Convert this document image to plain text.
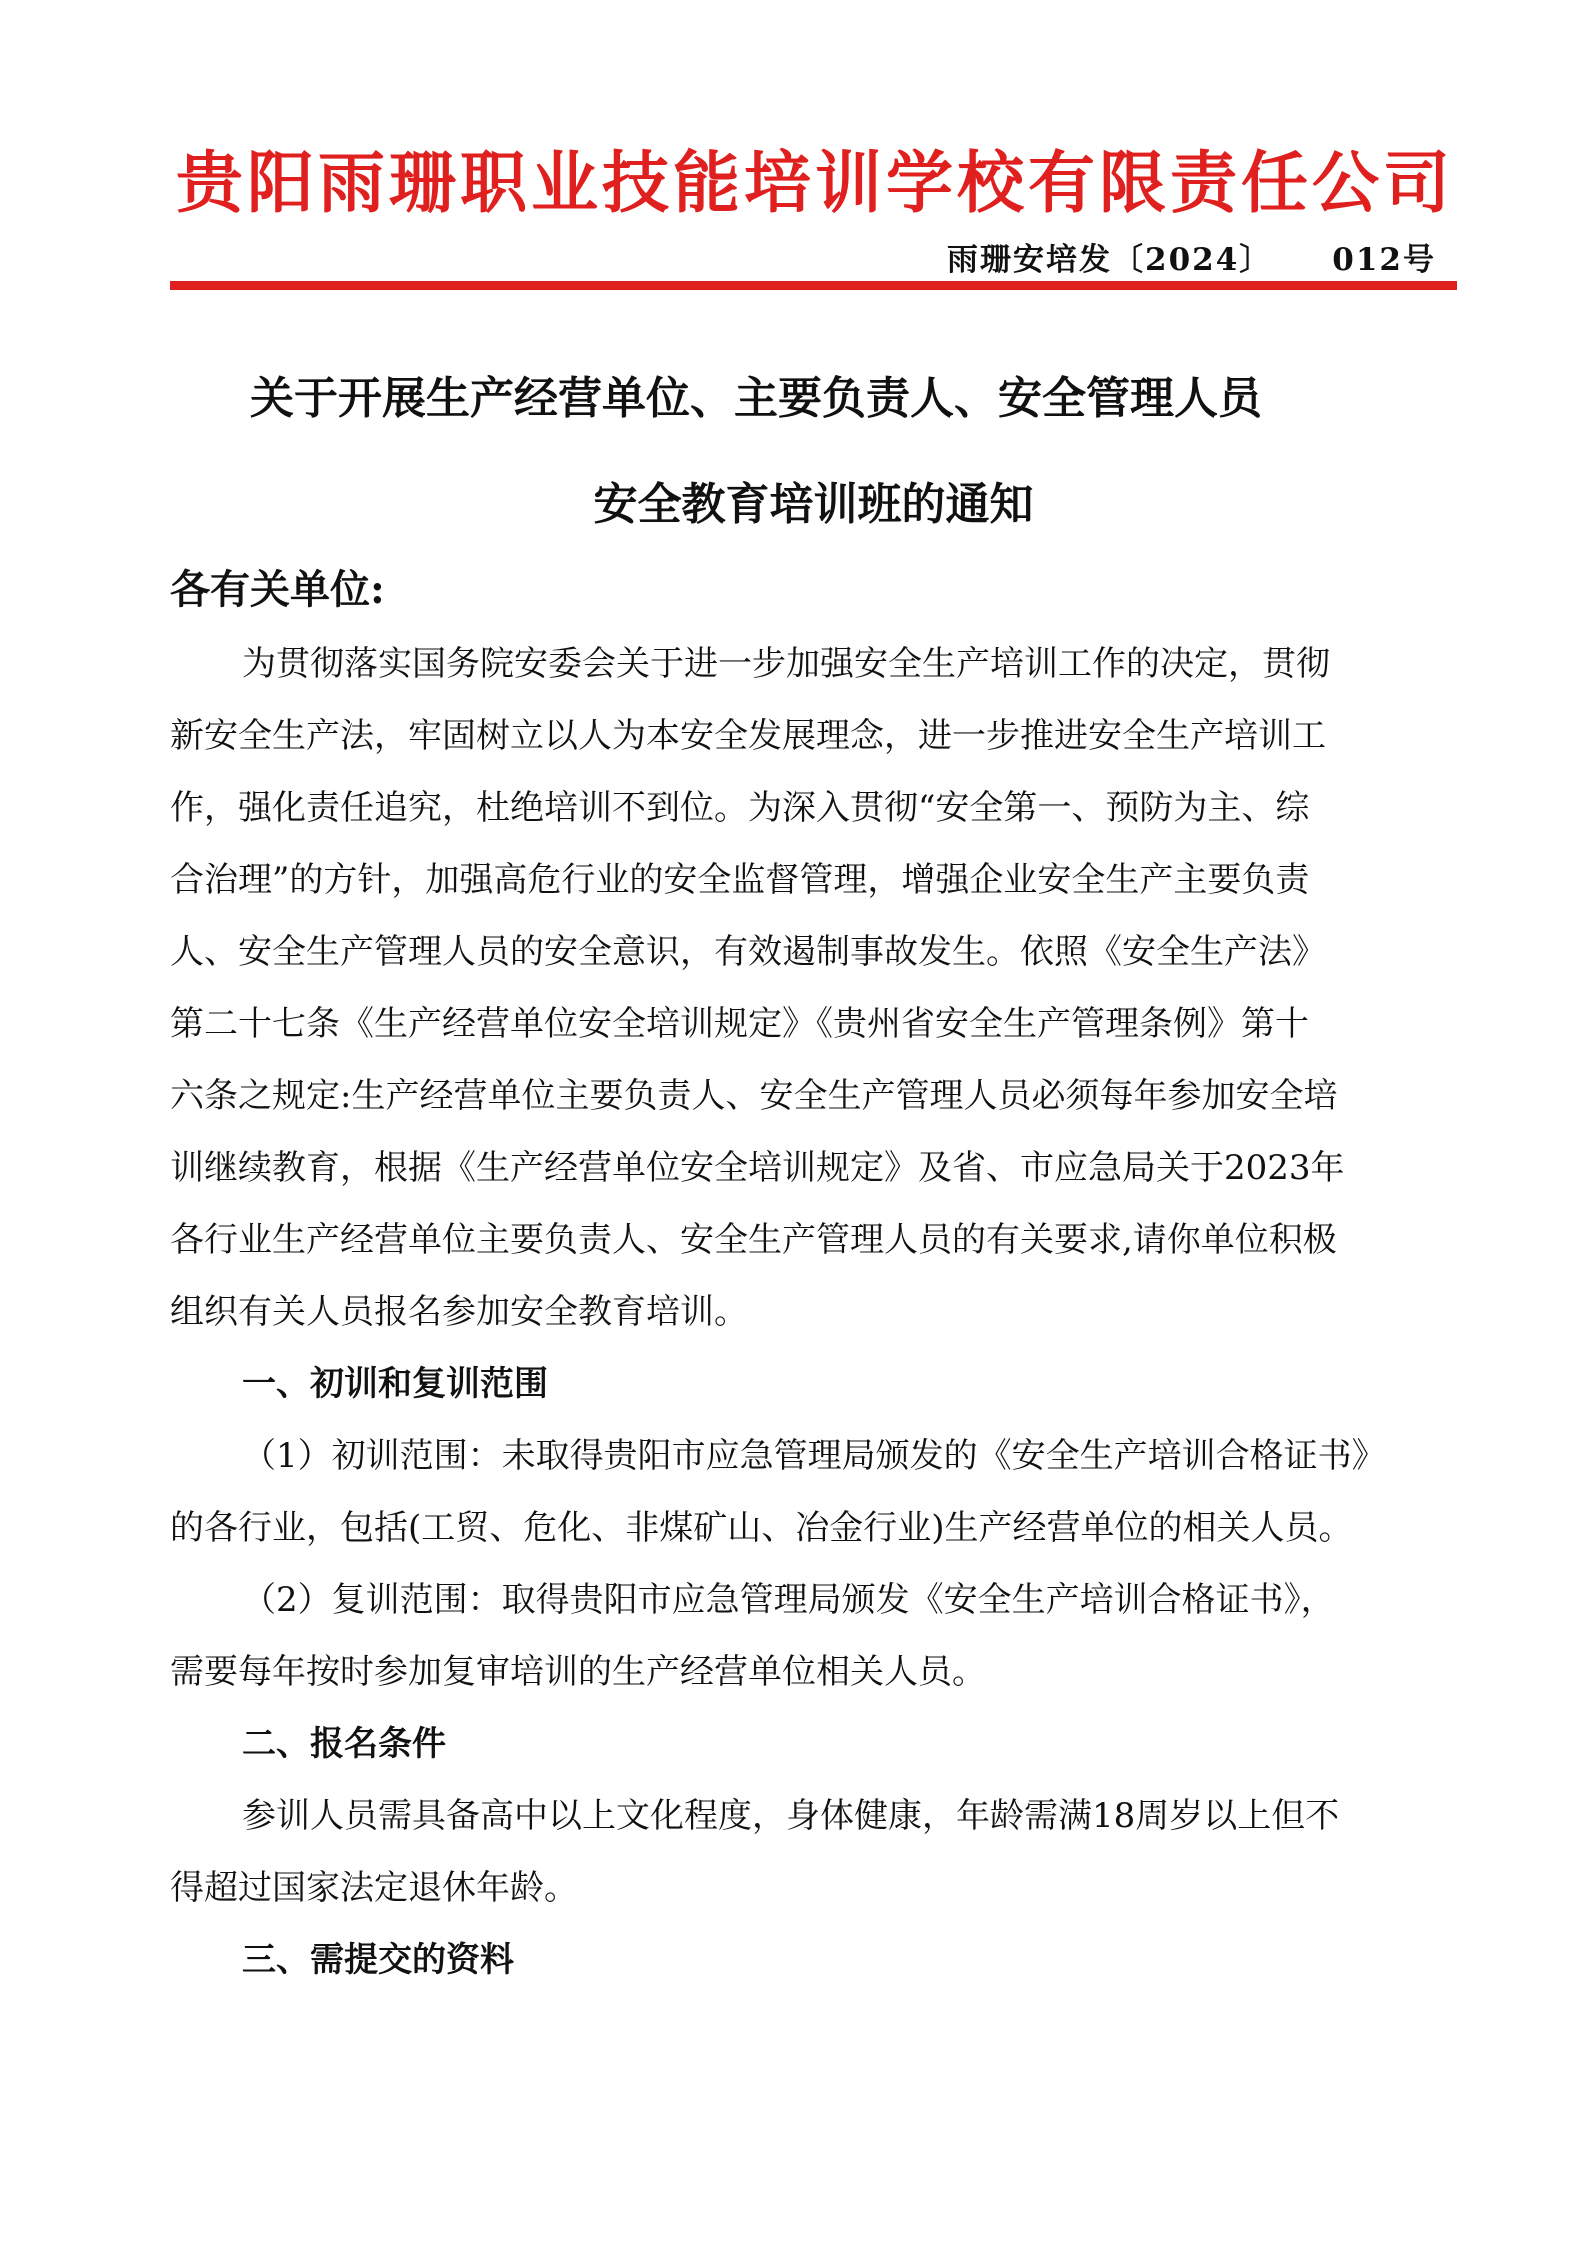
贵阳雨珊职业技能培训学校有限责任公司
雨珊安培发〔2024〕 012号
关于开展生产经营单位、主要负责人、安全管理人员
安全教育培训班的通知
各有关单位:
为贯彻落实国务院安委会关于进一步加强安全生产培训工作的决定，贯彻
新安全生产法，牢固树立以人为本安全发展理念，进一步推进安全生产培训工
作，强化责任追究，杜绝培训不到位。为深入贯彻“安全第一、预防为主、综
合治理”的方针，加强高危行业的安全监督管理，增强企业安全生产主要负责
人、安全生产管理人员的安全意识，有效遏制事故发生。依照《安全生产法》
第二十七条《生产经营单位安全培训规定》《贵州省安全生产管理条例》第十
六条之规定:生产经营单位主要负责人、安全生产管理人员必须每年参加安全培
训继续教育，根据《生产经营单位安全培训规定》及省、市应急局关于2023年
各行业生产经营单位主要负责人、安全生产管理人员的有关要求,请你单位积极
组织有关人员报名参加安全教育培训。
一、初训和复训范围
（1）初训范围：未取得贵阳市应急管理局颁发的《安全生产培训合格证书》
的各行业，包括(工贸、危化、非煤矿山、冶金行业)生产经营单位的相关人员。
（2）复训范围：取得贵阳市应急管理局颁发《安全生产培训合格证书》，
需要每年按时参加复审培训的生产经营单位相关人员。
二、报名条件
参训人员需具备高中以上文化程度，身体健康，年龄需满18周岁以上但不
得超过国家法定退休年龄。
三、需提交的资料
